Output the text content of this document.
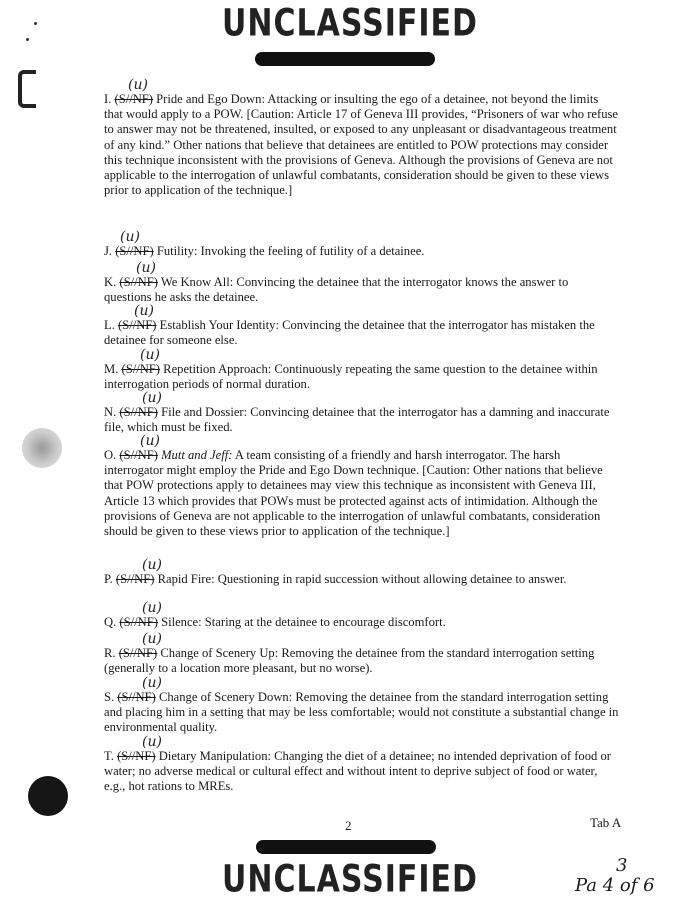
UNCLASSIFIED
(u)
I. (S//NF) Pride and Ego Down: Attacking or insulting the ego of a detainee, not beyond the limits that would apply to a POW. [Caution: Article 17 of Geneva III provides, “Prisoners of war who refuse to answer may not be threatened, insulted, or exposed to any unpleasant or disadvantageous treatment of any kind.” Other nations that believe that detainees are entitled to POW protections may consider this technique inconsistent with the provisions of Geneva. Although the provisions of Geneva are not applicable to the interrogation of unlawful combatants, consideration should be given to these views prior to application of the technique.]
(u)
J. (S//NF) Futility: Invoking the feeling of futility of a detainee.
(u)
K. (S//NF) We Know All: Convincing the detainee that the interrogator knows the answer to questions he asks the detainee.
(u)
L. (S//NF) Establish Your Identity: Convincing the detainee that the interrogator has mistaken the detainee for someone else.
(u)
M. (S//NF) Repetition Approach: Continuously repeating the same question to the detainee within interrogation periods of normal duration.
(u)
N. (S//NF) File and Dossier: Convincing detainee that the interrogator has a damning and inaccurate file, which must be fixed.
(u)
O. (S//NF) Mutt and Jeff: A team consisting of a friendly and harsh interrogator. The harsh interrogator might employ the Pride and Ego Down technique. [Caution: Other nations that believe that POW protections apply to detainees may view this technique as inconsistent with Geneva III, Article 13 which provides that POWs must be protected against acts of intimidation. Although the provisions of Geneva are not applicable to the interrogation of unlawful combatants, consideration should be given to these views prior to application of the technique.]
(u)
P. (S//NF) Rapid Fire: Questioning in rapid succession without allowing detainee to answer.
(u)
Q. (S//NF) Silence: Staring at the detainee to encourage discomfort.
(u)
R. (S//NF) Change of Scenery Up: Removing the detainee from the standard interrogation setting (generally to a location more pleasant, but no worse).
(u)
S. (S//NF) Change of Scenery Down: Removing the detainee from the standard interrogation setting and placing him in a setting that may be less comfortable; would not constitute a substantial change in environmental quality.
(u)
T. (S//NF) Dietary Manipulation: Changing the diet of a detainee; no intended deprivation of food or water; no adverse medical or cultural effect and without intent to deprive subject of food or water, e.g., hot rations to MREs.
2	Tab A
UNCLASSIFIED	3
Pa 4 of 6
